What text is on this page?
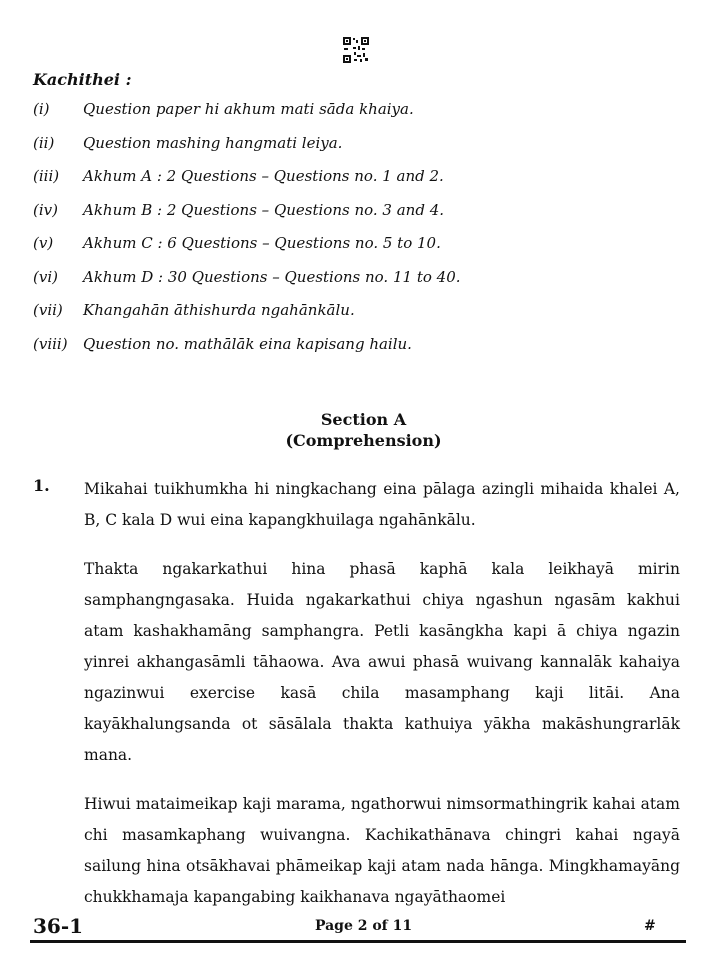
Kachithei :
(i) Question paper hi akhum mati sāda khaiya.
(ii) Question mashing hangmati leiya.
(iii) Akhum A : 2 Questions – Questions no. 1 and 2.
(iv) Akhum B : 2 Questions – Questions no. 3 and 4.
(v) Akhum C : 6 Questions – Questions no. 5 to 10.
(vi) Akhum D : 30 Questions – Questions no. 11 to 40.
(vii) Khangahān āthishurda ngahānkālu.
(viii) Question no. mathālāk eina kapisang hailu.
Section A
(Comprehension)
1. Mikahai tuikhumkha hi ningkachang eina pālaga azingli mihaida khalei A, B, C kala D wui eina kapangkhuilaga ngahānkālu.

Thakta ngakarkathui hina phasā kaphā kala leikhayā mirin samphangngasaka. Huida ngakarkathui chiya ngashun ngasām kakhui atam kashakhamāng samphangra. Petli kasāngkha kapi ā chiya ngazin yinrei akhangasāmli tāhaowa. Ava awui phasā wuivang kannalāk kahaiya ngazinwui exercise kasā chila masamphang kaji litāi. Ana kayākhalungsanda ot sāsālala thakta kathuiya yākha makāshungrarlāk mana.

Hiwui mataimeikap kaji marama, ngathorwui nimsormathingrik kahai atam chi masamkaphang wuivangna. Kachikathānava chingri kahai ngayā sailung hina otsākhavai phāmeikap kaji atam nada hānga. Mingkhamayāng chukkhamaja kapangabing kaikhanava ngayāthaomei

36-1	Page 2 of 11	#
